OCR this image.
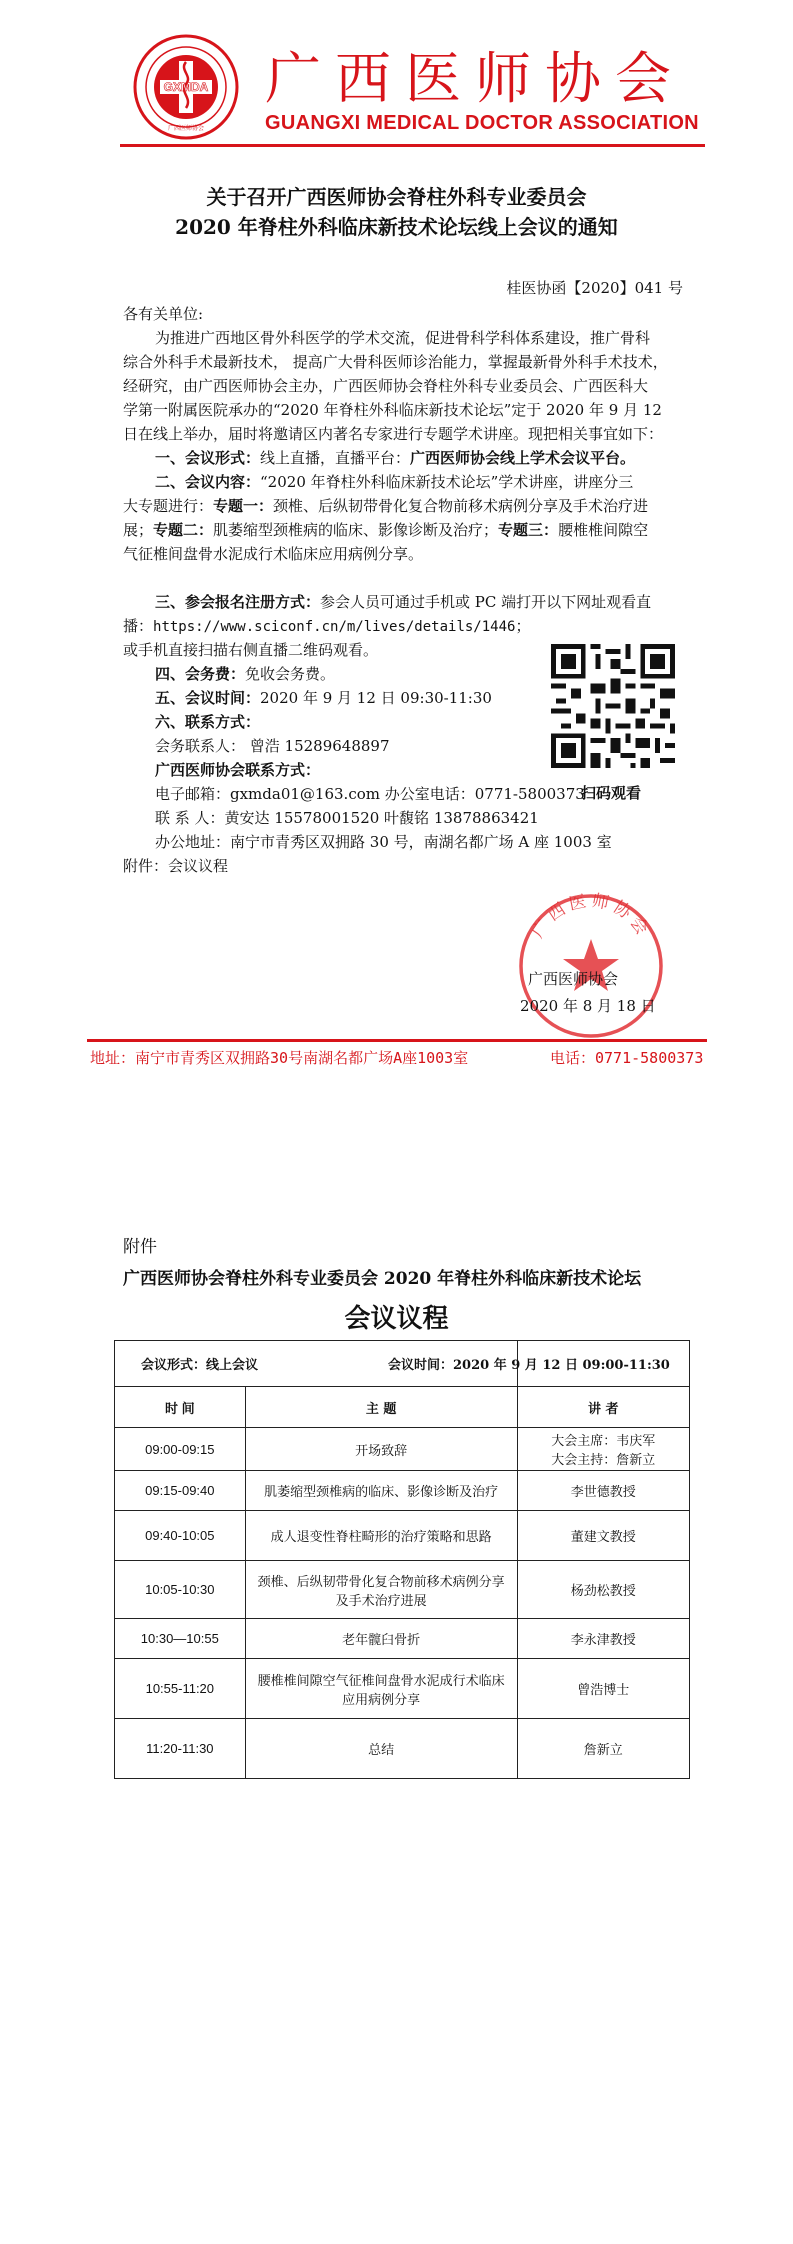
GXMDA
广西医师协会
广西医师协会
GUANGXI MEDICAL DOCTOR ASSOCIATION
关于召开广西医师协会脊柱外科专业委员会
2020 年脊柱外科临床新技术论坛线上会议的通知
桂医协函【2020】041 号
各有关单位:
为推进广西地区骨外科医学的学术交流，促进骨科学科体系建设，推广骨科
综合外科手术最新技术， 提高广大骨科医师诊治能力，掌握最新骨外科手术技术，
经研究，由广西医师协会主办，广西医师协会脊柱外科专业委员会、广西医科大
学第一附属医院承办的“2020 年脊柱外科临床新技术论坛”定于 2020 年 9 月 12
日在线上举办，届时将邀请区内著名专家进行专题学术讲座。现把相关事宜如下：
一、会议形式：线上直播，直播平台：广西医师协会线上学术会议平台。
二、会议内容：“2020 年脊柱外科临床新技术论坛”学术讲座，讲座分三
大专题进行：专题一：颈椎、后纵韧带骨化复合物前移术病例分享及手术治疗进
展；专题二：肌萎缩型颈椎病的临床、影像诊断及治疗；专题三：腰椎椎间隙空
气征椎间盘骨水泥成行术临床应用病例分享。
三、参会报名注册方式：参会人员可通过手机或 PC 端打开以下网址观看直
播：https://www.sciconf.cn/m/lives/details/1446；
或手机直接扫描右侧直播二维码观看。
四、会务费：免收会务费。
五、会议时间：2020 年 9 月 12 日 09:30-11:30
六、联系方式：
会务联系人： 曾浩 15289648897
广西医师协会联系方式：
电子邮箱：gxmda01@163.com 办公室电话：0771-5800373
联 系 人：黄安达 15578001520 叶馥铭 13878863421
办公地址：南宁市青秀区双拥路 30 号，南湖名都广场 A 座 1003 室
附件：会议议程
扫码观看
广西医师协会
广西医师协会
2020 年 8 月 18 日
地址：南宁市青秀区双拥路30号南湖名都广场A座1003室	电话：0771-5800373
附件
广西医师协会脊柱外科专业委员会 2020 年脊柱外科临床新技术论坛
会议议程
会议形式：线上会议		
时 间	主 题	讲 者
09:00-09:15	开场致辞	大会主席：韦庆军
大会主持：詹新立

09:15-09:40	肌萎缩型颈椎病的临床、影像诊断及治疗	李世德教授
09:40-10:05	成人退变性脊柱畸形的治疗策略和思路	董建文教授
10:05-10:30	颈椎、后纵韧带骨化复合物前移术病例分享及手术治疗进展	杨劲松教授
10:30—10:55	老年髋臼骨折	李永津教授
10:55-11:20	腰椎椎间隙空气征椎间盘骨水泥成行术临床应用病例分享	曾浩博士
11:20-11:30	总结	詹新立
会议时间：2020 年 9 月 12 日 09:00-11:30
